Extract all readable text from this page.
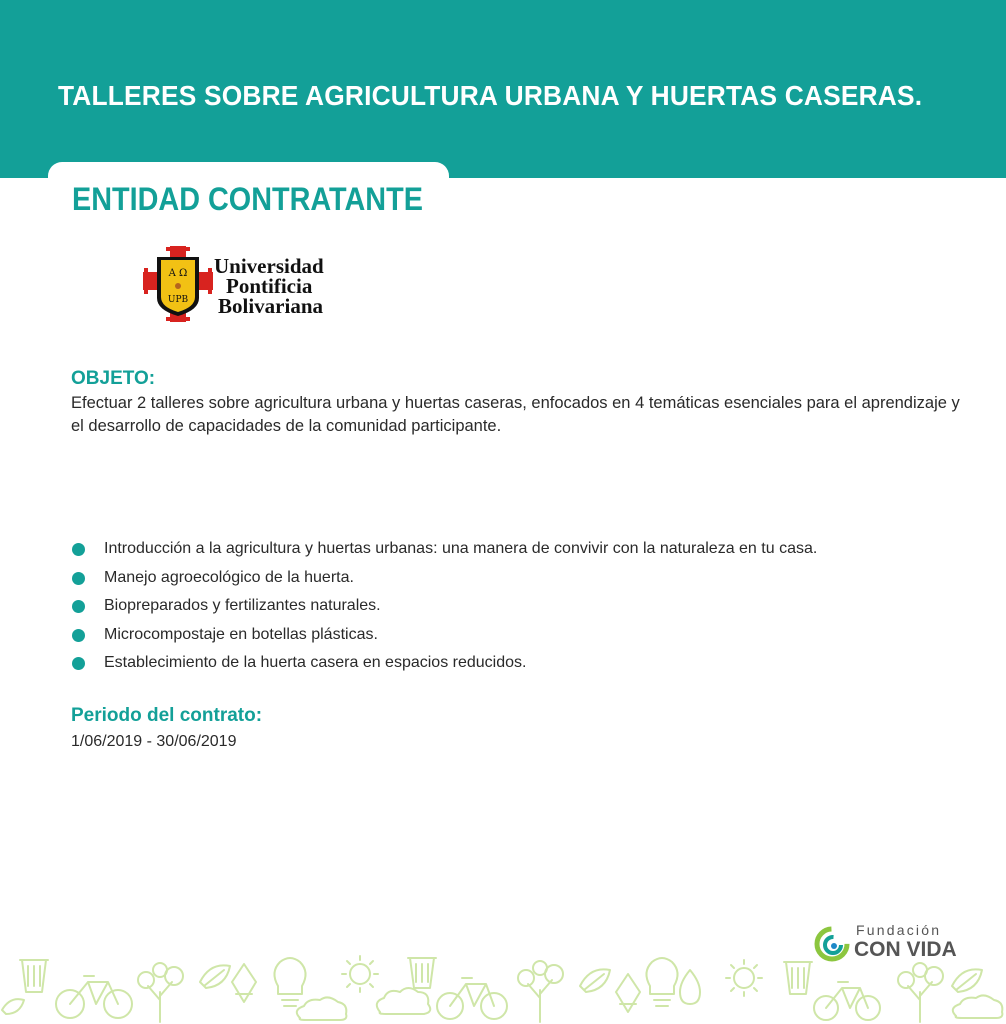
TALLERES SOBRE AGRICULTURA URBANA Y HUERTAS CASERAS.
ENTIDAD CONTRATANTE
Α Ω
UPB
Universidad
Pontificia
Bolivariana
OBJETO:
Efectuar 2 talleres sobre agricultura urbana y huertas caseras, enfocados en 4 temáticas esenciales para el aprendizaje y el desarrollo de capacidades de la comunidad participante.
Introducción a la agricultura y huertas urbanas: una manera de convivir con la naturaleza en tu casa.
Manejo agroecológico de la huerta.
Biopreparados y fertilizantes naturales.
Microcompostaje en botellas plásticas.
Establecimiento de la huerta casera en espacios reducidos.
Periodo del contrato:
1/06/2019 - 30/06/2019
Fundación
CON VIDA
